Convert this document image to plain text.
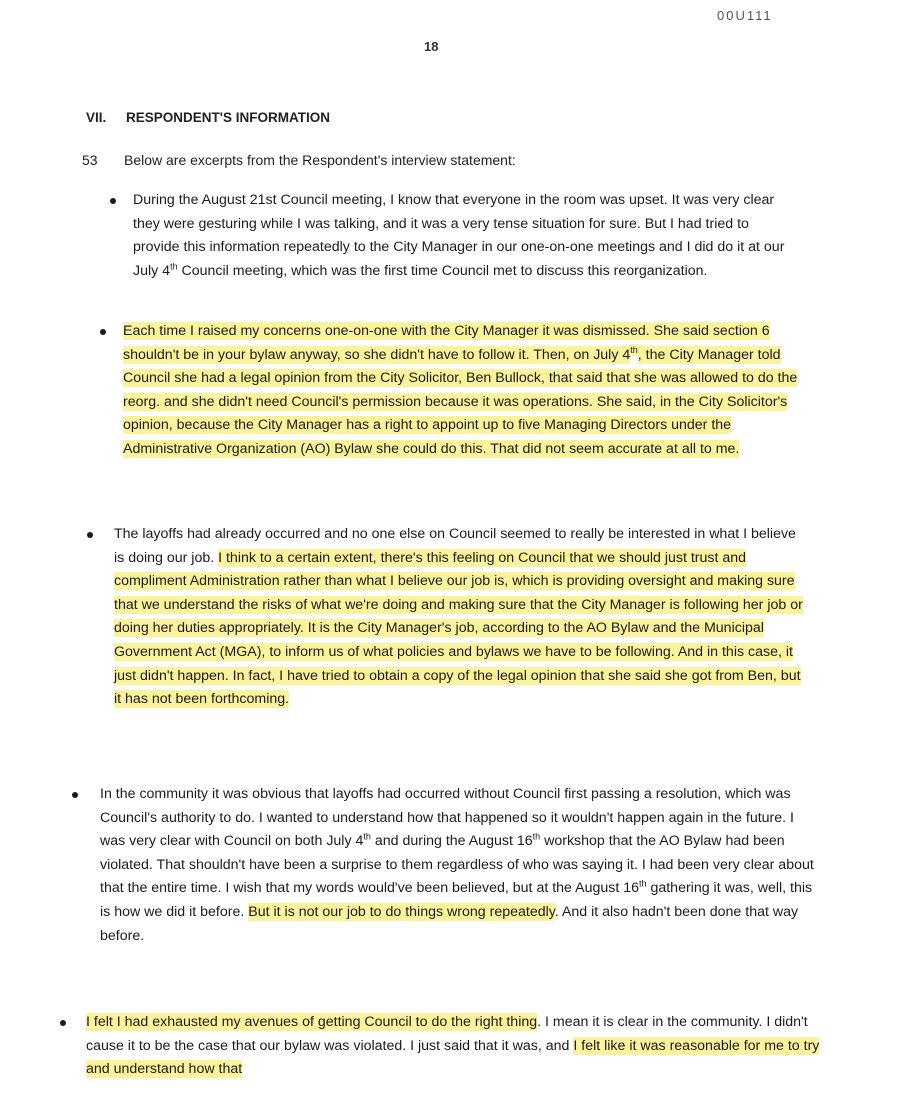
00U111
18
VII. RESPONDENT'S INFORMATION
53 Below are excerpts from the Respondent's interview statement:

During the August 21st Council meeting, I know that everyone in the room was upset. It was very clear they were gesturing while I was talking, and it was a very tense situation for sure. But I had tried to provide this information repeatedly to the City Manager in our one-on-one meetings and I did do it at our July 4th Council meeting, which was the first time Council met to discuss this reorganization.

Each time I raised my concerns one-on-one with the City Manager it was dismissed. She said section 6 shouldn't be in your bylaw anyway, so she didn't have to follow it. Then, on July 4th, the City Manager told Council she had a legal opinion from the City Solicitor, Ben Bullock, that said that she was allowed to do the reorg. and she didn't need Council's permission because it was operations. She said, in the City Solicitor's opinion, because the City Manager has a right to appoint up to five Managing Directors under the Administrative Organization (AO) Bylaw she could do this. That did not seem accurate at all to me.

The layoffs had already occurred and no one else on Council seemed to really be interested in what I believe is doing our job. I think to a certain extent, there's this feeling on Council that we should just trust and compliment Administration rather than what I believe our job is, which is providing oversight and making sure that we understand the risks of what we're doing and making sure that the City Manager is following her job or doing her duties appropriately. It is the City Manager's job, according to the AO Bylaw and the Municipal Government Act (MGA), to inform us of what policies and bylaws we have to be following. And in this case, it just didn't happen. In fact, I have tried to obtain a copy of the legal opinion that she said she got from Ben, but it has not been forthcoming.

In the community it was obvious that layoffs had occurred without Council first passing a resolution, which was Council's authority to do. I wanted to understand how that happened so it wouldn't happen again in the future. I was very clear with Council on both July 4th and during the August 16th workshop that the AO Bylaw had been violated. That shouldn't have been a surprise to them regardless of who was saying it. I had been very clear about that the entire time. I wish that my words would've been believed, but at the August 16th gathering it was, well, this is how we did it before. But it is not our job to do things wrong repeatedly. And it also hadn't been done that way before.

I felt I had exhausted my avenues of getting Council to do the right thing. I mean it is clear in the community. I didn't cause it to be the case that our bylaw was violated. I just said that it was, and I felt like it was reasonable for me to try and understand how that
